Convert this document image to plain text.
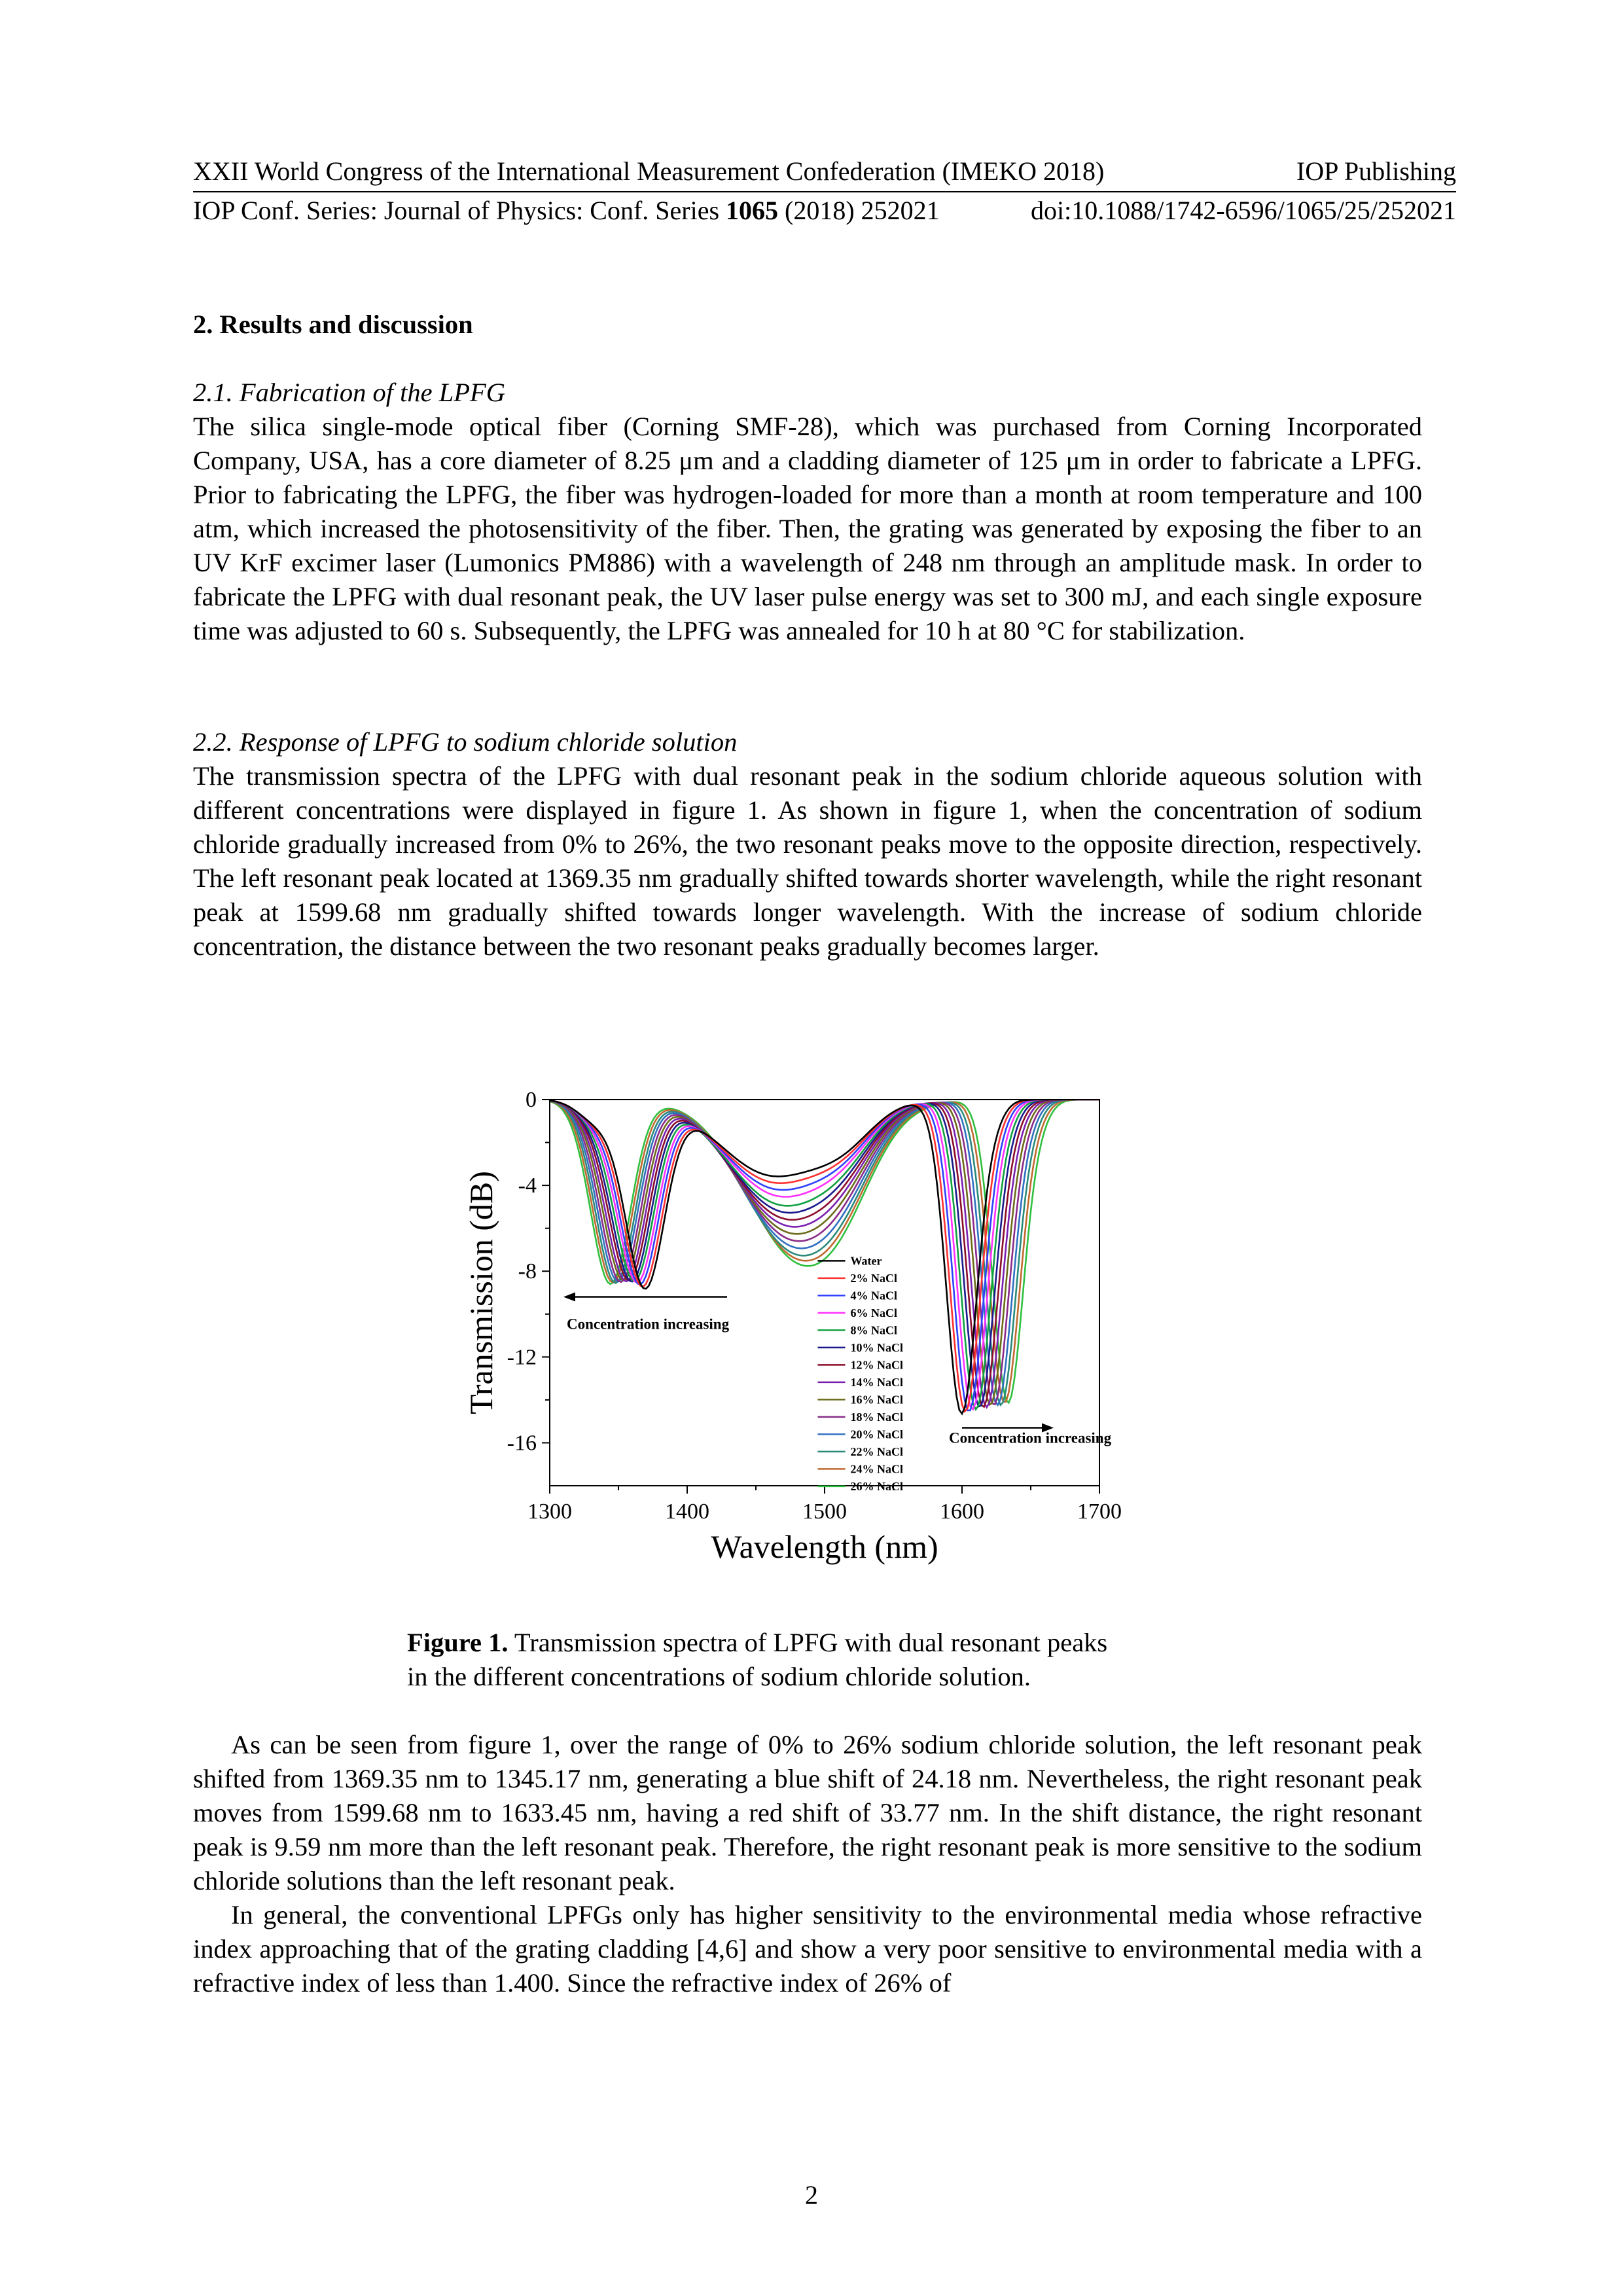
XXII World Congress of the International Measurement Confederation (IMEKO 2018)	IOP Publishing
IOP Conf. Series: Journal of Physics: Conf. Series 1065 (2018) 252021	doi:10.1088/1742-6596/1065/25/252021

2. Results and discussion

2.1. Fabrication of the LPFG

The silica single-mode optical fiber (Corning SMF-28), which was purchased from Corning Incorporated Company, USA, has a core diameter of 8.25 μm and a cladding diameter of 125 μm in order to fabricate a LPFG. Prior to fabricating the LPFG, the fiber was hydrogen-loaded for more than a month at room temperature and 100 atm, which increased the photosensitivity of the fiber. Then, the grating was generated by exposing the fiber to an UV KrF excimer laser (Lumonics PM886) with a wavelength of 248 nm through an amplitude mask. In order to fabricate the LPFG with dual resonant peak, the UV laser pulse energy was set to 300 mJ, and each single exposure time was adjusted to 60 s. Subsequently, the LPFG was annealed for 10 h at 80 °C for stabilization.

2.2. Response of LPFG to sodium chloride solution

The transmission spectra of the LPFG with dual resonant peak in the sodium chloride aqueous solution with different concentrations were displayed in figure 1. As shown in figure 1, when the concentration of sodium chloride gradually increased from 0% to 26%, the two resonant peaks move to the opposite direction, respectively. The left resonant peak located at 1369.35 nm gradually shifted towards shorter wavelength, while the right resonant peak at 1599.68 nm gradually shifted towards longer wavelength. With the increase of sodium chloride concentration, the distance between the two resonant peaks gradually becomes larger.

1300	1400	1500	1600	1700
0
-4
-8
-12
-16
Wavelength (nm)
Transmission (dB)	Concentration increasing
Concentration increasing
Water
2% NaCl
4% NaCl
6% NaCl
8% NaCl
10% NaCl
12% NaCl
14% NaCl
16% NaCl
18% NaCl
20% NaCl
22% NaCl
24% NaCl
26% NaCl
Figure 1. Transmission spectra of LPFG with dual resonant peaks
in the different concentrations of sodium chloride solution.

As can be seen from figure 1, over the range of 0% to 26% sodium chloride solution, the left resonant peak shifted from 1369.35 nm to 1345.17 nm, generating a blue shift of 24.18 nm. Nevertheless, the right resonant peak moves from 1599.68 nm to 1633.45 nm, having a red shift of 33.77 nm. In the shift distance, the right resonant peak is 9.59 nm more than the left resonant peak. Therefore, the right resonant peak is more sensitive to the sodium chloride solutions than the left resonant peak.

In general, the conventional LPFGs only has higher sensitivity to the environmental media whose refractive index approaching that of the grating cladding [4,6] and show a very poor sensitive to environmental media with a refractive index of less than 1.400. Since the refractive index of 26% of

2
